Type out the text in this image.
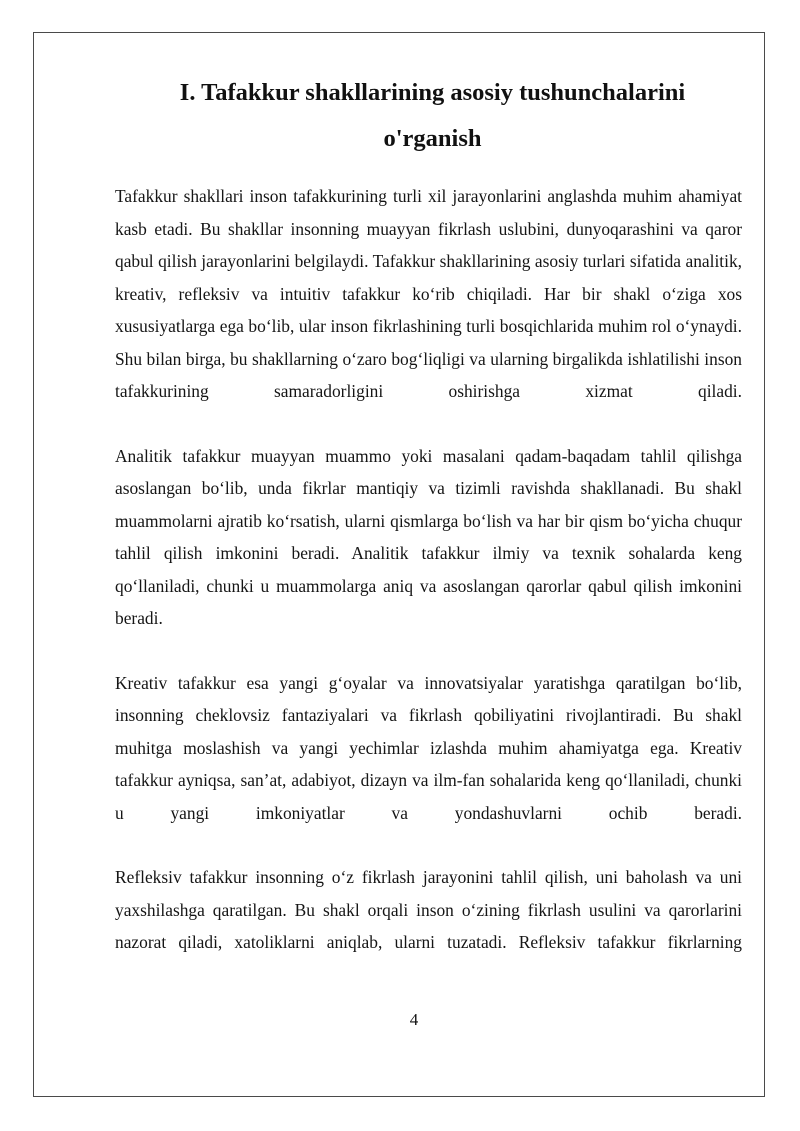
I. Tafakkur shakllarining asosiy tushunchalarini
o'rganish

Tafakkur shakllari inson tafakkurining turli xil jarayonlarini anglashda muhim ahamiyat kasb etadi. Bu shakllar insonning muayyan fikrlash uslubini, dunyoqarashini va qaror qabul qilish jarayonlarini belgilaydi. Tafakkur shakllarining asosiy turlari sifatida analitik, kreativ, refleksiv va intuitiv tafakkur ko‘rib chiqiladi. Har bir shakl o‘ziga xos xususiyatlarga ega bo‘lib, ular inson fikrlashining turli bosqichlarida muhim rol o‘ynaydi. Shu bilan birga, bu shakllarning o‘zaro bog‘liqligi va ularning birgalikda ishlatilishi inson tafakkurining samaradorligini oshirishga xizmat qiladi.

Analitik tafakkur muayyan muammo yoki masalani qadam-baqadam tahlil qilishga asoslangan bo‘lib, unda fikrlar mantiqiy va tizimli ravishda shakllanadi. Bu shakl muammolarni ajratib ko‘rsatish, ularni qismlarga bo‘lish va har bir qism bo‘yicha chuqur tahlil qilish imkonini beradi. Analitik tafakkur ilmiy va texnik sohalarda keng qo‘llaniladi, chunki u muammolarga aniq va asoslangan qarorlar qabul qilish imkonini beradi.

Kreativ tafakkur esa yangi g‘oyalar va innovatsiyalar yaratishga qaratilgan bo‘lib, insonning cheklovsiz fantaziyalari va fikrlash qobiliyatini rivojlantiradi. Bu shakl muhitga moslashish va yangi yechimlar izlashda muhim ahamiyatga ega. Kreativ tafakkur ayniqsa, san’at, adabiyot, dizayn va ilm-fan sohalarida keng qo‘llaniladi, chunki u yangi imkoniyatlar va yondashuvlarni ochib beradi.

Refleksiv tafakkur insonning o‘z fikrlash jarayonini tahlil qilish, uni baholash va uni yaxshilashga qaratilgan. Bu shakl orqali inson o‘zining fikrlash usulini va qarorlarini nazorat qiladi, xatoliklarni aniqlab, ularni tuzatadi. Refleksiv tafakkur fikrlarning

4
